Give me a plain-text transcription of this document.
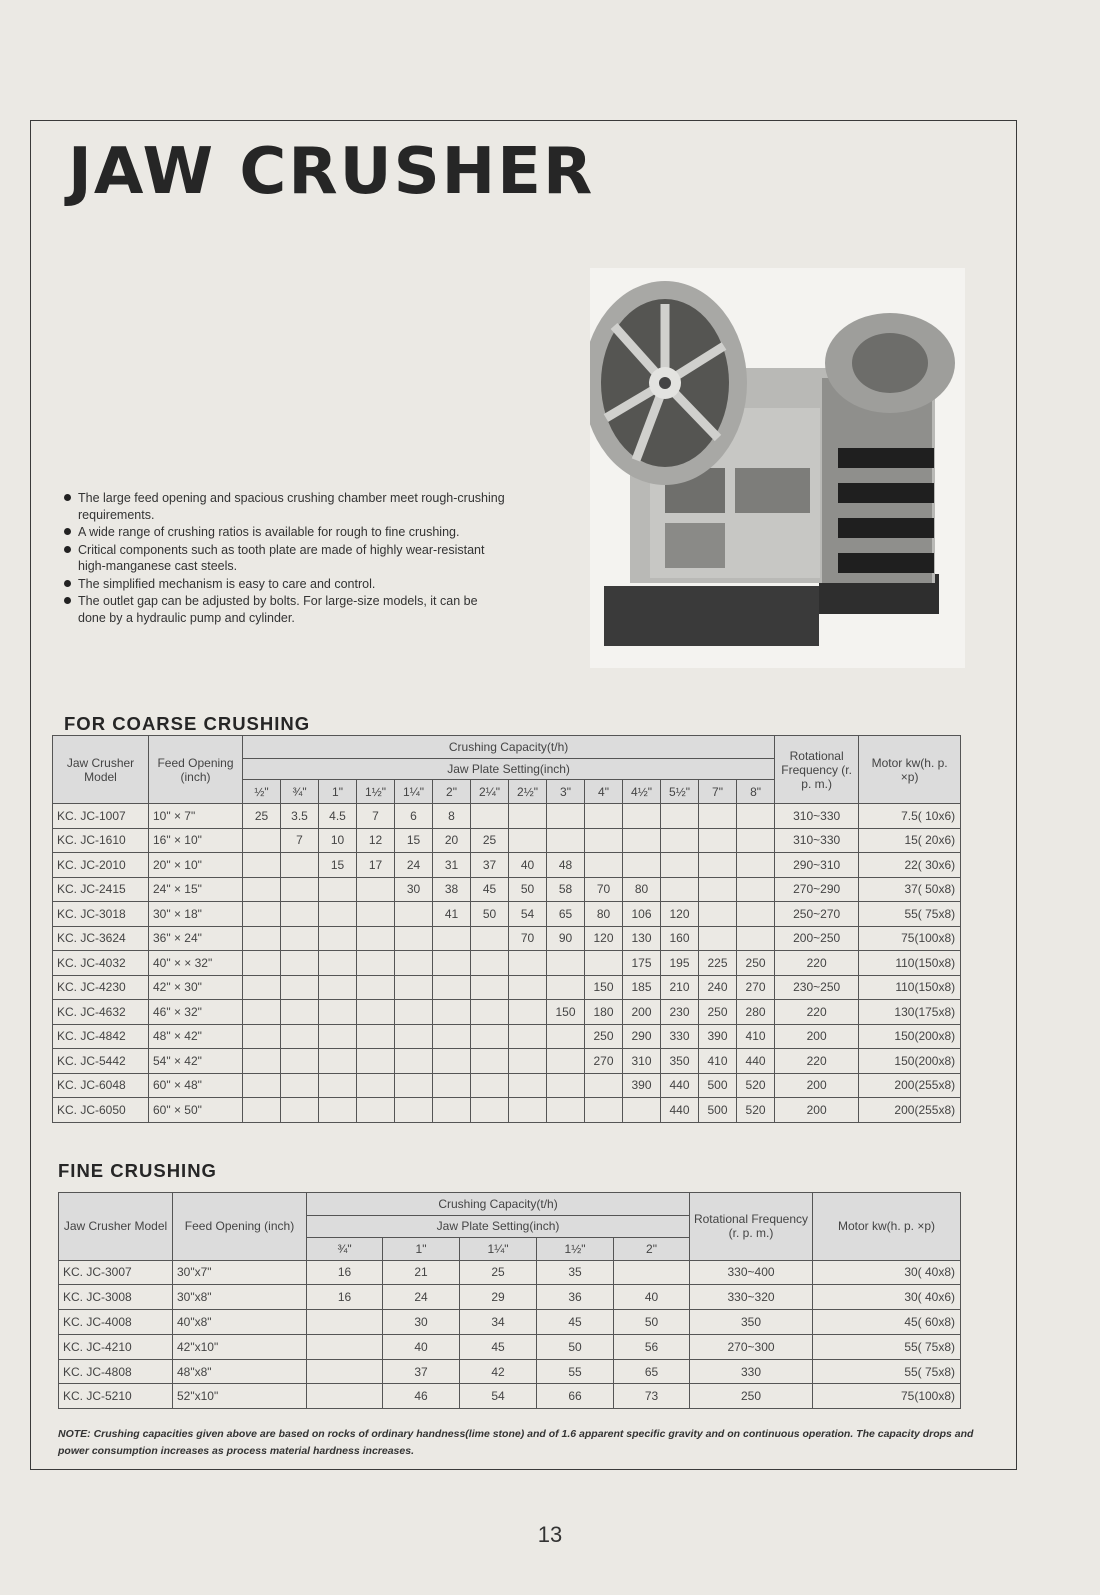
JAW CRUSHER
The large feed opening and spacious crushing chamber meet rough-crushing requirements.
A wide range of crushing ratios is available for rough to fine crushing.
Critical components such as tooth plate are made of highly wear-resistant high-manganese cast steels.
The simplified mechanism is easy to care and control.
The outlet gap can be adjusted by bolts. For large-size models, it can be done by a hydraulic pump and cylinder.
FOR COARSE CRUSHING
Jaw Crusher Model	Feed Opening (inch)	Crushing Capacity(t/h)														Rotational Frequency (r. p. m.)	Motor kw(h. p. ×p)
		Jaw Plate Setting(inch)															
		½"	¾"	1"	1½"	1¼"	2"	2¼"	2½"	3"	4"	4½"	5½"	7"	8"		
KC. JC-1007	10" × 7"	25	3.5	4.5	7	6	8									310~330	7.5( 10x6)
KC. JC-1610	16" × 10"		7	10	12	15	20	25								310~330	15( 20x6)
KC. JC-2010	20" × 10"			15	17	24	31	37	40	48						290~310	22( 30x6)
KC. JC-2415	24" × 15"					30	38	45	50	58	70	80				270~290	37( 50x8)
KC. JC-3018	30" × 18"						41	50	54	65	80	106	120			250~270	55( 75x8)
KC. JC-3624	36" × 24"								70	90	120	130	160			200~250	75(100x8)
KC. JC-4032	40" × × 32"											175	195	225	250	220	110(150x8)
KC. JC-4230	42" × 30"										150	185	210	240	270	230~250	110(150x8)
KC. JC-4632	46" × 32"									150	180	200	230	250	280	220	130(175x8)
KC. JC-4842	48" × 42"										250	290	330	390	410	200	150(200x8)
KC. JC-5442	54" × 42"										270	310	350	410	440	220	150(200x8)
KC. JC-6048	60" × 48"											390	440	500	520	200	200(255x8)
KC. JC-6050	60" × 50"												440	500	520	200	200(255x8)
FINE CRUSHING
Jaw Crusher Model	Feed Opening (inch)	Crushing Capacity(t/h)					Rotational Frequency (r. p. m.)	Motor kw(h. p. ×p)
		Jaw Plate Setting(inch)						
		¾"	1"	1¼"	1½"	2"		
KC. JC-3007	30"x7"	16	21	25	35		330~400	30( 40x8)
KC. JC-3008	30"x8"	16	24	29	36	40	330~320	30( 40x6)
KC. JC-4008	40"x8"		30	34	45	50	350	45( 60x8)
KC. JC-4210	42"x10"		40	45	50	56	270~300	55( 75x8)
KC. JC-4808	48"x8"		37	42	55	65	330	55( 75x8)
KC. JC-5210	52"x10"		46	54	66	73	250	75(100x8)

NOTE: Crushing capacities given above are based on rocks of ordinary handness(lime stone) and of 1.6 apparent specific gravity and on continuous operation. The capacity drops and power consumption increases as process material hardness increases.

13
